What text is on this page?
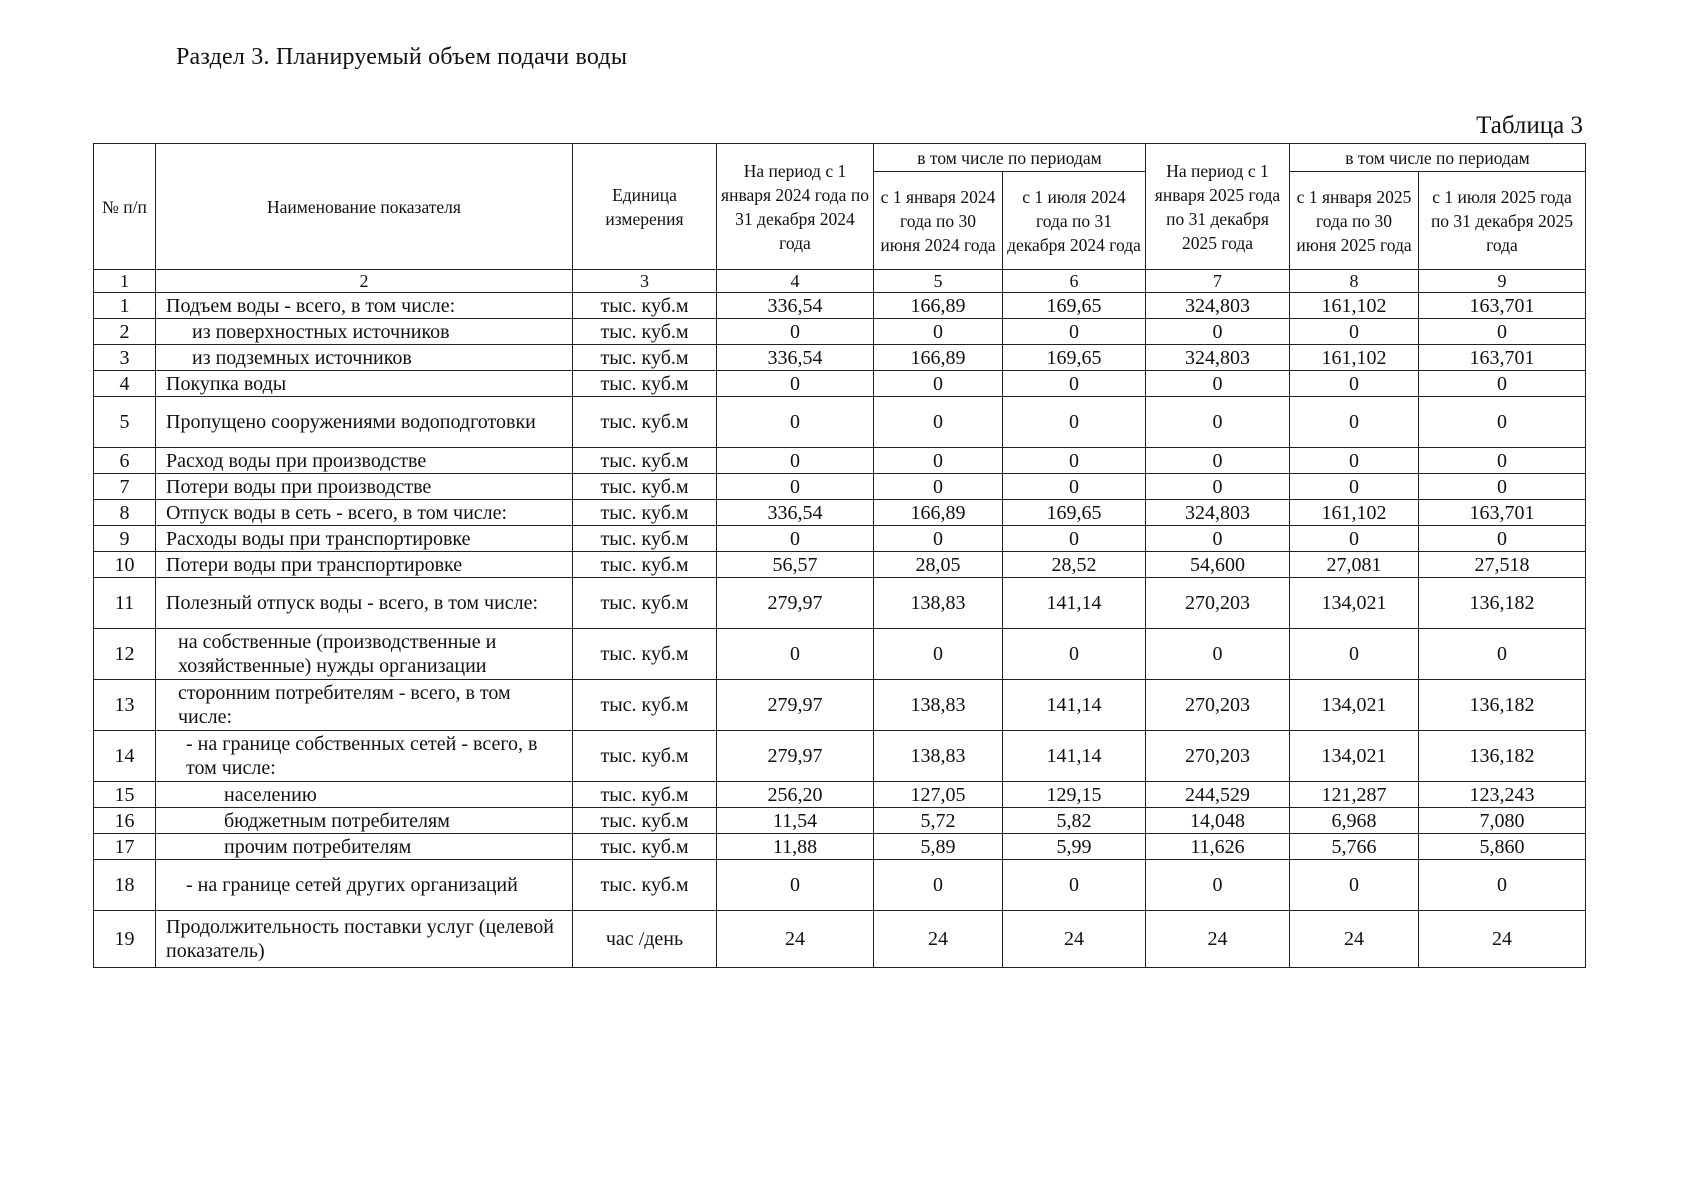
Раздел 3. Планируемый объем подачи воды
Таблица 3
№ п/п	Наименование показателя	Единица измерения	На период с 1 января 2024 года по 31 декабря 2024 года	в том числе по периодам		На период с 1 января 2025 года по 31 декабря 2025 года	в том числе по периодам	
				с 1 января 2024 года по 30 июня 2024 года	с 1 июля 2024 года по 31 декабря 2024 года		с 1 января 2025 года по 30 июня 2025 года	с 1 июля 2025 года по 31 декабря 2025 года
1	2	3	4	5	6	7	8	9
1	Подъем воды - всего, в том числе:	тыс. куб.м	336,54	166,89	169,65	324,803	161,102	163,701
2	из поверхностных источников	тыс. куб.м	0	0	0	0	0	0
3	из подземных источников	тыс. куб.м	336,54	166,89	169,65	324,803	161,102	163,701
4	Покупка воды	тыс. куб.м	0	0	0	0	0	0
5	Пропущено сооружениями водоподготовки	тыс. куб.м	0	0	0	0	0	0
6	Расход воды при производстве	тыс. куб.м	0	0	0	0	0	0
7	Потери воды при производстве	тыс. куб.м	0	0	0	0	0	0
8	Отпуск воды в сеть - всего, в том числе:	тыс. куб.м	336,54	166,89	169,65	324,803	161,102	163,701
9	Расходы воды при транспортировке	тыс. куб.м	0	0	0	0	0	0
10	Потери воды при транспортировке	тыс. куб.м	56,57	28,05	28,52	54,600	27,081	27,518
11	Полезный отпуск воды - всего, в том числе:	тыс. куб.м	279,97	138,83	141,14	270,203	134,021	136,182
12	на собственные (производственные и хозяйственные) нужды организации	тыс. куб.м	0	0	0	0	0	0
13	сторонним потребителям - всего, в том числе:	тыс. куб.м	279,97	138,83	141,14	270,203	134,021	136,182
14	- на границе собственных сетей - всего, в том числе:	тыс. куб.м	279,97	138,83	141,14	270,203	134,021	136,182
15	населению	тыс. куб.м	256,20	127,05	129,15	244,529	121,287	123,243
16	бюджетным потребителям	тыс. куб.м	11,54	5,72	5,82	14,048	6,968	7,080
17	прочим потребителям	тыс. куб.м	11,88	5,89	5,99	11,626	5,766	5,860
18	- на границе сетей других организаций	тыс. куб.м	0	0	0	0	0	0
19	Продолжительность поставки услуг (целевой показатель)	час /день	24	24	24	24	24	24
